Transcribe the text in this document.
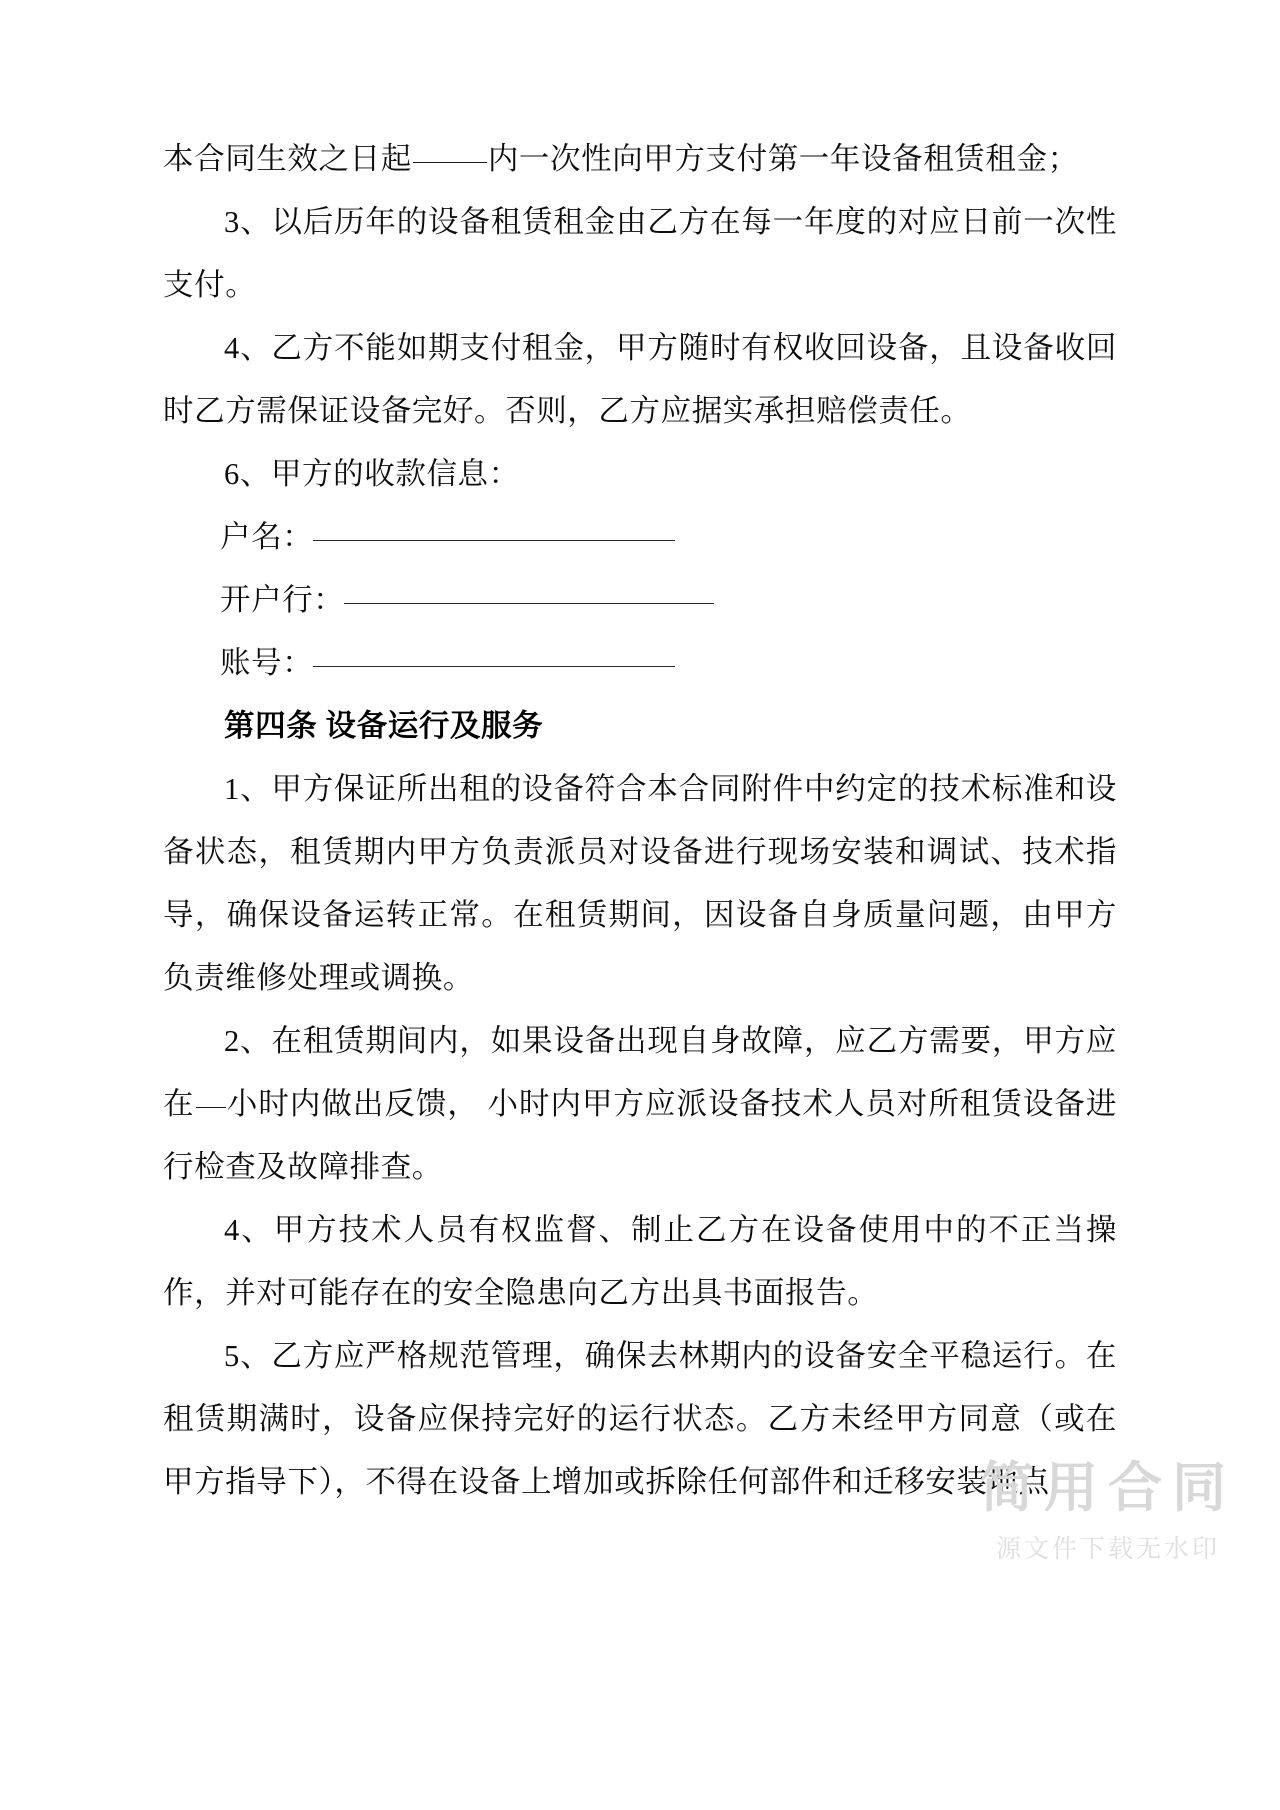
本合同生效之日起 内一次性向甲方支付第一年设备租赁租金；

3、以后历年的设备租赁租金由乙方在每一年度的对应日前一次性支付。

4、乙方不能如期支付租金，甲方随时有权收回设备，且设备收回时乙方需保证设备完好。否则，乙方应据实承担赔偿责任。

6、甲方的收款信息：

户名：

开户行：

账号：

第四条 设备运行及服务

1、甲方保证所出租的设备符合本合同附件中约定的技术标准和设备状态，租赁期内甲方负责派员对设备进行现场安装和调试、技术指导，确保设备运转正常。在租赁期间，因设备自身质量问题，由甲方负责维修处理或调换。

2、在租赁期间内，如果设备出现自身故障，应乙方需要，甲方应在 小时内做出反馈， 小时内甲方应派设备技术人员对所租赁设备进行检查及故障排查。

4、甲方技术人员有权监督、制止乙方在设备使用中的不正当操作，并对可能存在的安全隐患向乙方出具书面报告。

5、乙方应严格规范管理，确保去林期内的设备安全平稳运行。在租赁期满时，设备应保持完好的运行状态。乙方未经甲方同意（或在甲方指导下），不得在设备上增加或拆除任何部件和迁移安装地点

简用合同
源文件下载无水印
